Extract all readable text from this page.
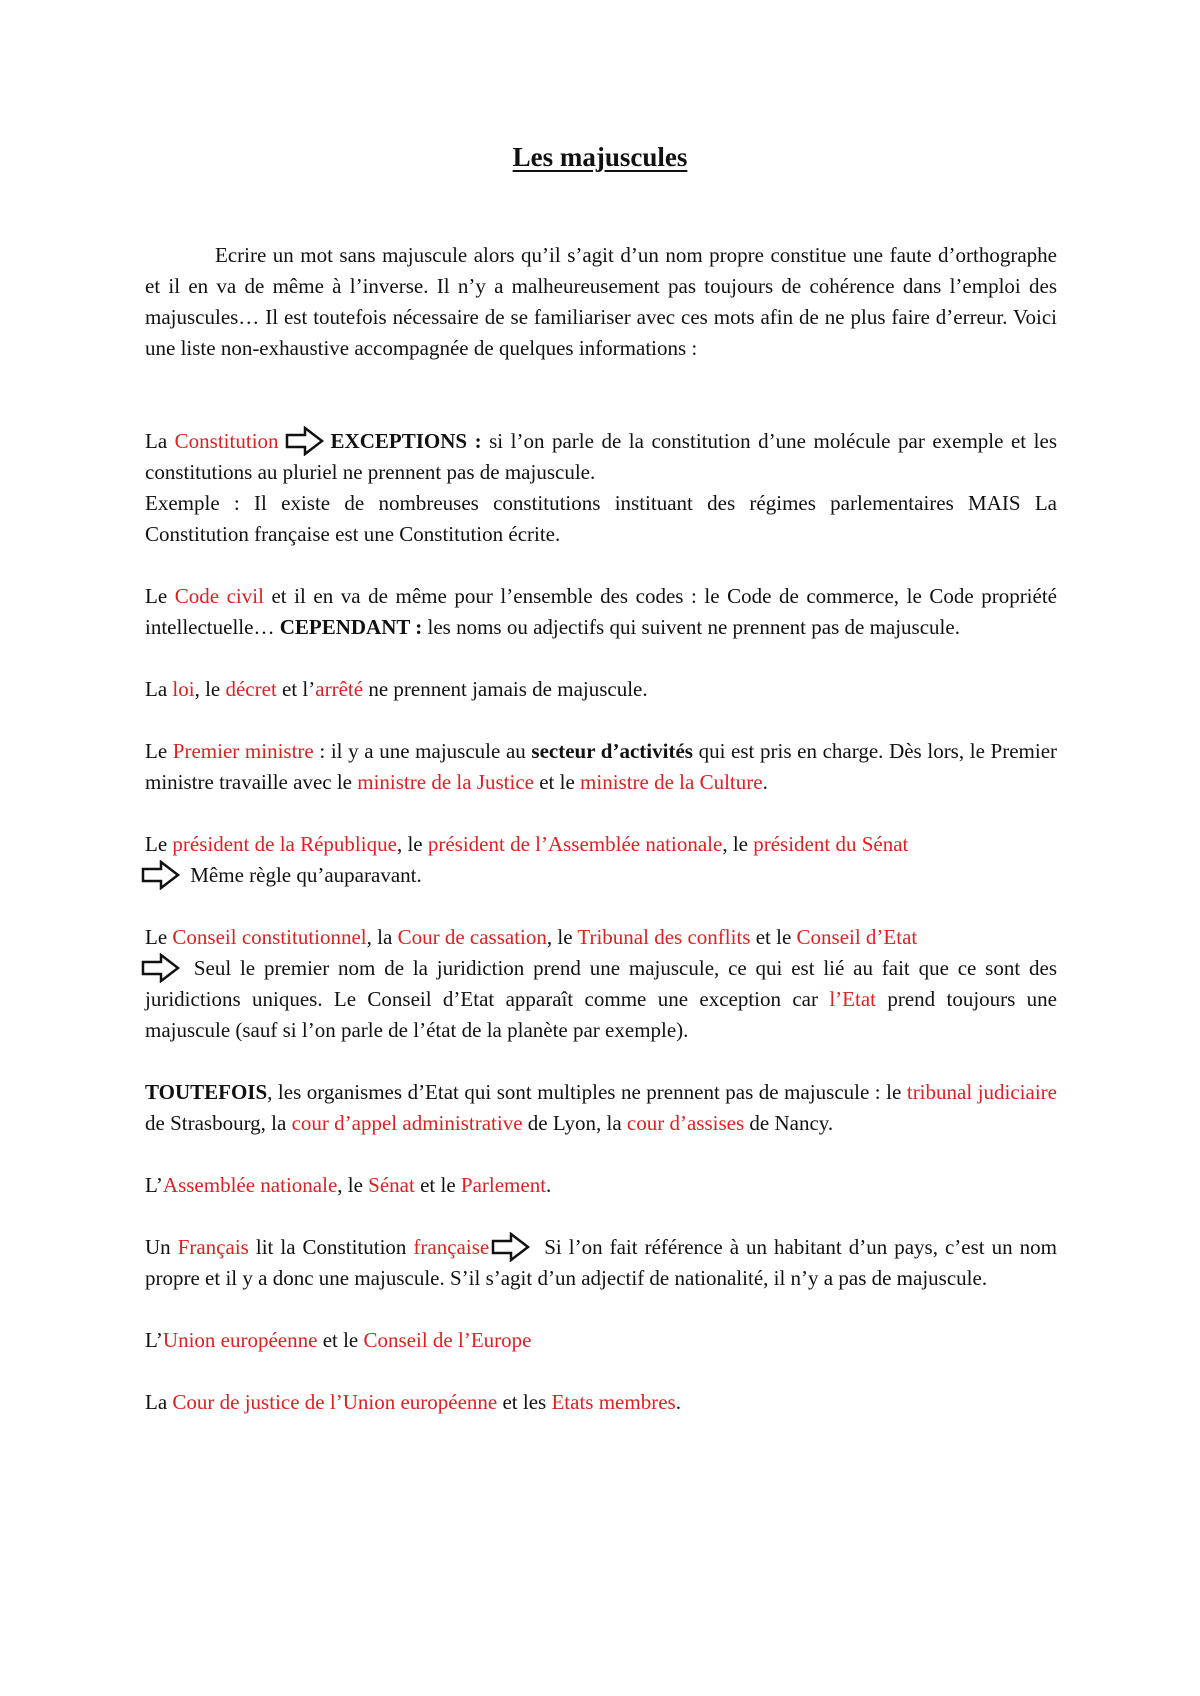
Les majuscules

Ecrire un mot sans majuscule alors qu’il s’agit d’un nom propre constitue une faute d’orthographe et il en va de même à l’inverse. Il n’y a malheureusement pas toujours de cohérence dans l’emploi des majuscules… Il est toutefois nécessaire de se familiariser avec ces mots afin de ne plus faire d’erreur. Voici une liste non-exhaustive accompagnée de quelques informations :

La Constitution EXCEPTIONS : si l’on parle de la constitution d’une molécule par exemple et les constitutions au pluriel ne prennent pas de majuscule.

Exemple : Il existe de nombreuses constitutions instituant des régimes parlementaires MAIS La Constitution française est une Constitution écrite.

Le Code civil et il en va de même pour l’ensemble des codes : le Code de commerce, le Code propriété intellectuelle… CEPENDANT : les noms ou adjectifs qui suivent ne prennent pas de majuscule.

La loi, le décret et l’arrêté ne prennent jamais de majuscule.

Le Premier ministre : il y a une majuscule au secteur d’activités qui est pris en charge. Dès lors, le Premier ministre travaille avec le ministre de la Justice et le ministre de la Culture.

Le président de la République, le président de l’Assemblée nationale, le président du Sénat

Même règle qu’auparavant.

Le Conseil constitutionnel, la Cour de cassation, le Tribunal des conflits et le Conseil d’Etat

Seul le premier nom de la juridiction prend une majuscule, ce qui est lié au fait que ce sont des juridictions uniques. Le Conseil d’Etat apparaît comme une exception car l’Etat prend toujours une majuscule (sauf si l’on parle de l’état de la planète par exemple).

TOUTEFOIS, les organismes d’Etat qui sont multiples ne prennent pas de majuscule : le tribunal judiciaire de Strasbourg, la cour d’appel administrative de Lyon, la cour d’assises de Nancy.

L’Assemblée nationale, le Sénat et le Parlement.

Un Français lit la Constitution française
Si l’on fait référence à un habitant d’un pays, c’est un nom propre et il y a donc une majuscule. S’il s’agit d’un adjectif de nationalité, il n’y a pas de majuscule.

L’Union européenne et le Conseil de l’Europe

La Cour de justice de l’Union européenne et les Etats membres.
